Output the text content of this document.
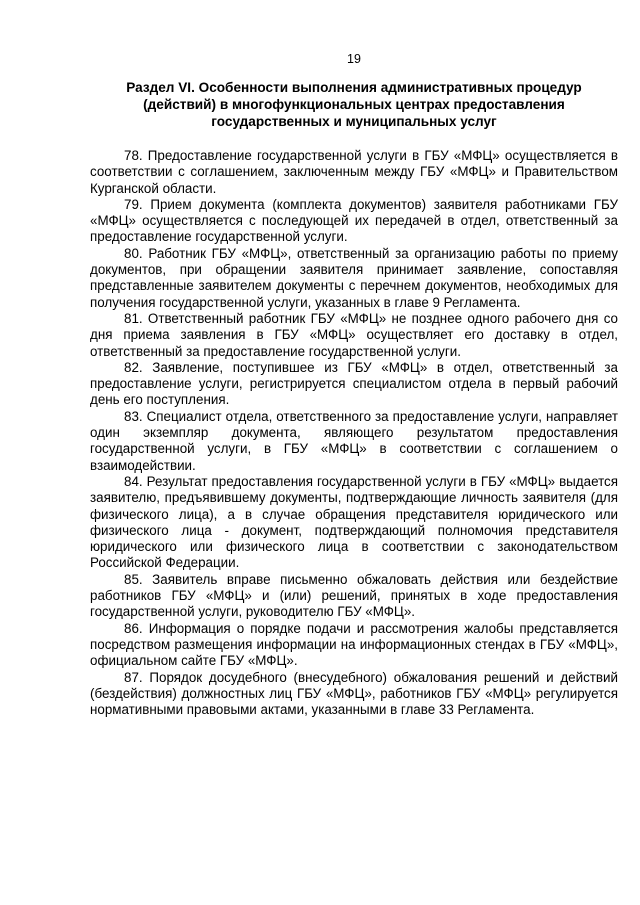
19
Раздел VI. Особенности выполнения административных процедур
(действий) в многофункциональных центрах предоставления
государственных и муниципальных услуг

78. Предоставление государственной услуги в ГБУ «МФЦ» осуществляется в соответствии с соглашением, заключенным между ГБУ «МФЦ» и Правительством Курганской области.

79. Прием документа (комплекта документов) заявителя работниками ГБУ «МФЦ» осуществляется с последующей их передачей в отдел, ответственный за предоставление государственной услуги.

80. Работник ГБУ «МФЦ», ответственный за организацию работы по приему документов, при обращении заявителя принимает заявление, сопоставляя представленные заявителем документы с перечнем документов, необходимых для получения государственной услуги, указанных в главе 9 Регламента.

81. Ответственный работник ГБУ «МФЦ» не позднее одного рабочего дня со дня приема заявления в ГБУ «МФЦ» осуществляет его доставку в отдел, ответственный за предоставление государственной услуги.

82. Заявление, поступившее из ГБУ «МФЦ» в отдел, ответственный за предоставление услуги, регистрируется специалистом отдела в первый рабочий день его поступления.

83. Специалист отдела, ответственного за предоставление услуги, направляет один экземпляр документа, являющего результатом предоставления государственной услуги, в ГБУ «МФЦ» в соответствии с соглашением о взаимодействии.

84. Результат предоставления государственной услуги в ГБУ «МФЦ» выдается заявителю, предъявившему документы, подтверждающие личность заявителя (для физического лица), а в случае обращения представителя юридического или физического лица - документ, подтверждающий полномочия представителя юридического или физического лица в соответствии с законодательством Российской Федерации.

85. Заявитель вправе письменно обжаловать действия или бездействие работников ГБУ «МФЦ» и (или) решений, принятых в ходе предоставления государственной услуги, руководителю ГБУ «МФЦ».

86. Информация о порядке подачи и рассмотрения жалобы представляется посредством размещения информации на информационных стендах в ГБУ «МФЦ», официальном сайте ГБУ «МФЦ».

87. Порядок досудебного (внесудебного) обжалования решений и действий (бездействия) должностных лиц ГБУ «МФЦ», работников ГБУ «МФЦ» регулируется нормативными правовыми актами, указанными в главе 33 Регламента.
